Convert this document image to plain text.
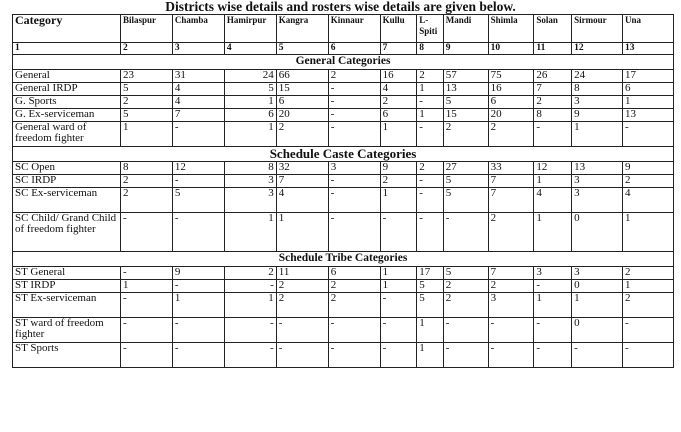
Districts wise details and rosters wise details are given below.
Category	Bilaspur	Chamba	Hamirpur	Kangra	Kinnaur	Kullu	L-Spiti	Mandi	Shimla	Solan	Sirmour	Una
1	2	3	4	5	6	7	8	9	10	11	12	13
General Categories												
General	23	31	24	66	2	16	2	57	75	26	24	17
General IRDP	5	4	5	15	-	4	1	13	16	7	8	6
G. Sports	2	4	1	6	-	2	-	5	6	2	3	1
G. Ex-serviceman	5	7	6	20	-	6	1	15	20	8	9	13
General ward of freedom fighter	1	-	1	2	-	1	-	2	2	-	1	-
Schedule Caste Categories												
SC Open	8	12	8	32	3	9	2	27	33	12	13	9
SC IRDP	2	-	3	7	-	2	-	5	7	1	3	2
SC Ex-serviceman	2	5	3	4	-	1	-	5	7	4	3	4
SC Child/ Grand Child of freedom fighter	-	-	1	1	-	-	-	-	2	1	0	1
Schedule Tribe Categories												
ST General	-	9	2	11	6	1	17	5	7	3	3	2
ST IRDP	1	-	-	2	2	1	5	2	2	-	0	1
ST Ex-serviceman	-	1	1	2	2	-	5	2	3	1	1	2
ST ward of freedom fighter	-	-	-	-	-	-	1	-	-	-	0	-
ST Sports	-	-	-	-	-	-	1	-	-	-	-	-
